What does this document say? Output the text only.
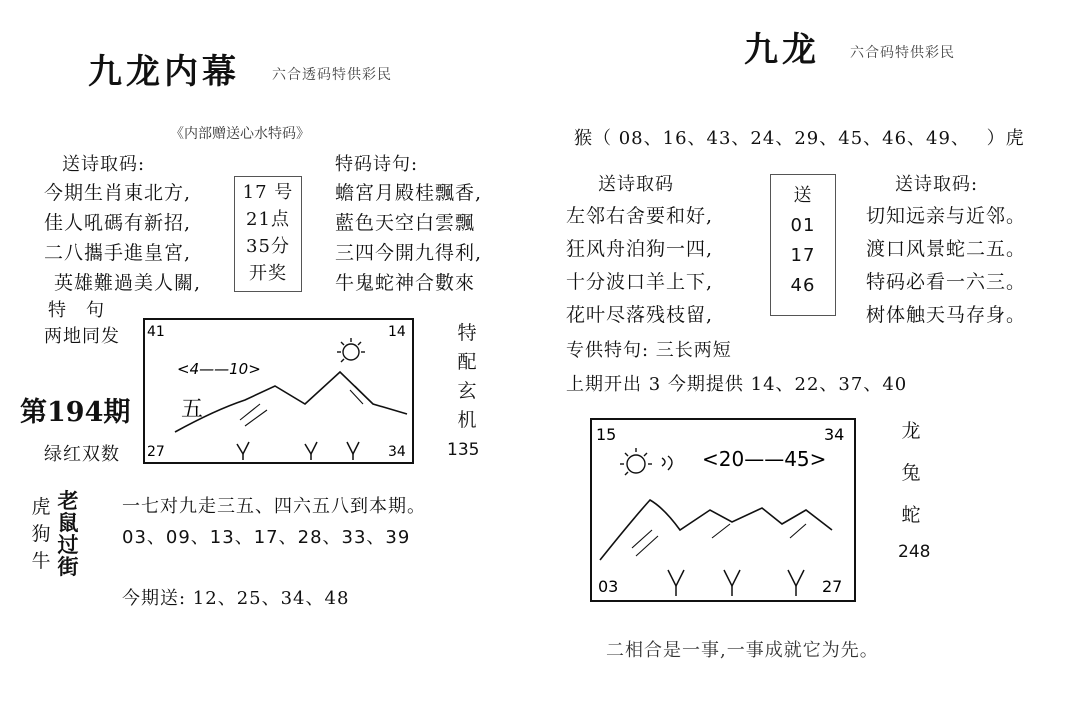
九龙内幕 六合透码特供彩民
《内部赠送心水特码》
送诗取码:	特码诗句:
今期生肖東北方,
佳人吼碼有新招,
二八攜手進皇宮,
英雄難過美人關,
17 号
21点
35分
开奖
蟾宮月殿桂飄香,
藍色天空白雲飄
三四今開九得利,
牛鬼蛇神合數來
特　句
两地同发
第194期
绿红双数
41	14
27	34
<4——10>
五
特
配
玄
机
135
虎
狗
牛
老
鼠
过
街
一七对九走三五、四六五八到本期。
03、09、13、17、28、33、39
今期送: 12、25、34、48
九龙 六合码特供彩民
猴（ 08、16、43、24、29、45、46、49、　 ）虎
送诗取码	送诗取码:
左邻右舍要和好,
狂风舟泊狗一四,
十分波口羊上下,
花叶尽落残枝留,
送
01
17
46
切知远亲与近邻。
渡口风景蛇二五。
特码必看一六三。
树体触天马存身。
专供特句: 三长两短
上期开出 3 今期提供 14、22、37、40
15	34
03	27
<20——45>
龙
兔
蛇
248
二相合是一事,一事成就它为先。
